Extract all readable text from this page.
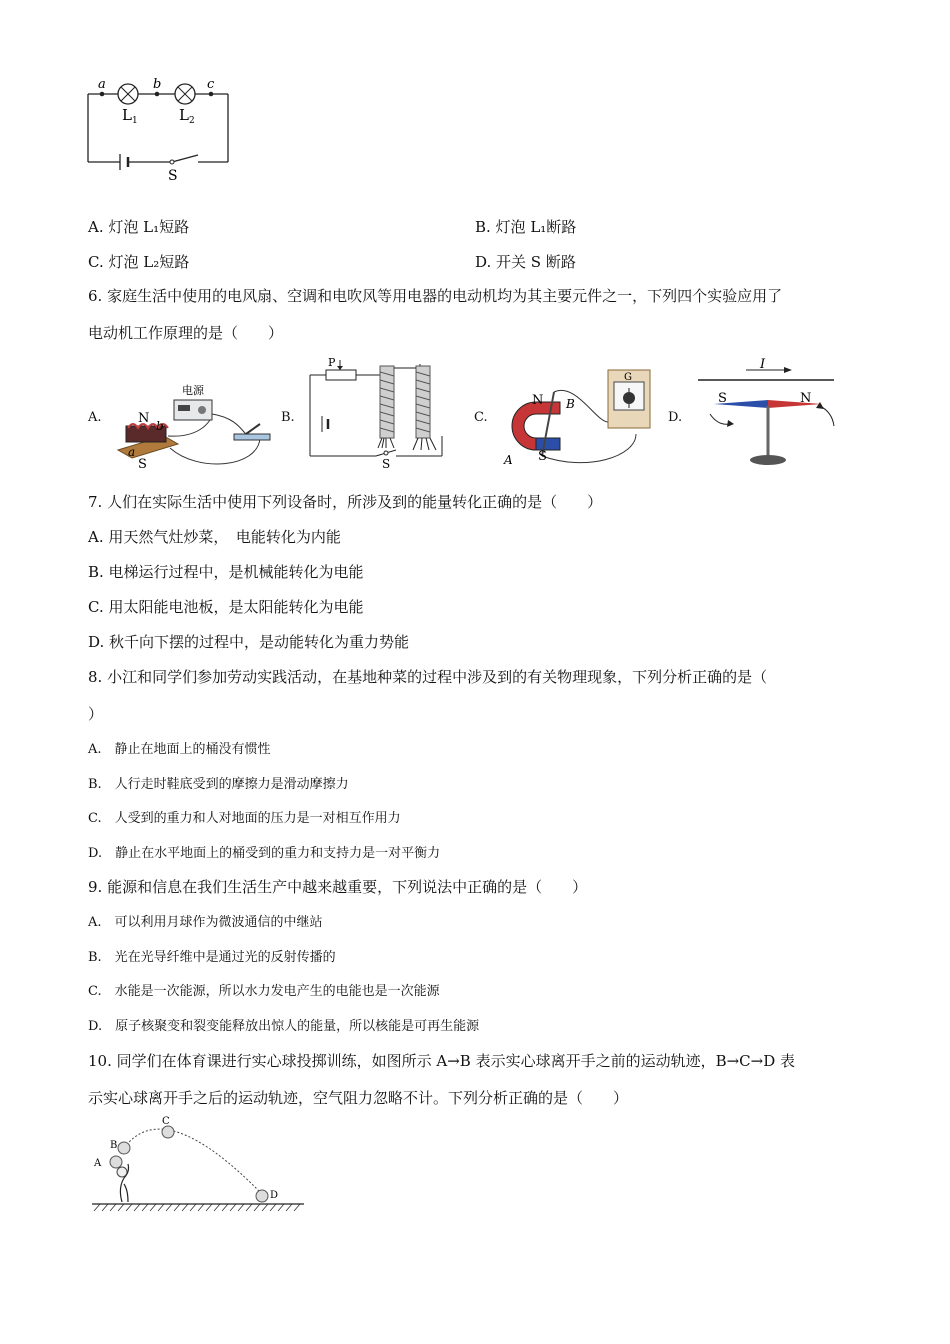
a	b	c
$L_1$	$L_2$
S
A. 灯泡 L₁短路	B. 灯泡 L₁断路
C. 灯泡 L₂短路	D. 开关 S 断路
6. 家庭生活中使用的电风扇、空调和电吹风等用电器的电动机均为其主要元件之一，下列四个实验应用了
电动机工作原理的是（　　）
A.
电源
N
S
b
a
B.
P
S
C.
N
S
A
B
G
D.
I
S	N
7. 人们在实际生活中使用下列设备时，所涉及到的能量转化正确的是（　　）
A. 用天然气灶炒菜，　电能转化为内能
B. 电梯运行过程中，是机械能转化为电能
C. 用太阳能电池板，是太阳能转化为电能
D. 秋千向下摆的过程中，是动能转化为重力势能
8. 小江和同学们参加劳动实践活动，在基地种菜的过程中涉及到的有关物理现象，下列分析正确的是（
）
A.　静止在地面上的桶没有惯性
B.　人行走时鞋底受到的摩擦力是滑动摩擦力
C.　人受到的重力和人对地面的压力是一对相互作用力
D.　静止在水平地面上的桶受到的重力和支持力是一对平衡力
9. 能源和信息在我们生活生产中越来越重要，下列说法中正确的是（　　）
A.　可以利用月球作为微波通信的中继站
B.　光在光导纤维中是通过光的反射传播的
C.　水能是一次能源，所以水力发电产生的电能也是一次能源
D.　原子核聚变和裂变能释放出惊人的能量，所以核能是可再生能源
10. 同学们在体育课进行实心球投掷训练，如图所示 A→B 表示实心球离开手之前的运动轨迹，B→C→D 表
示实心球离开手之后的运动轨迹，空气阻力忽略不计。下列分析正确的是（　　）
A
B
C
D
